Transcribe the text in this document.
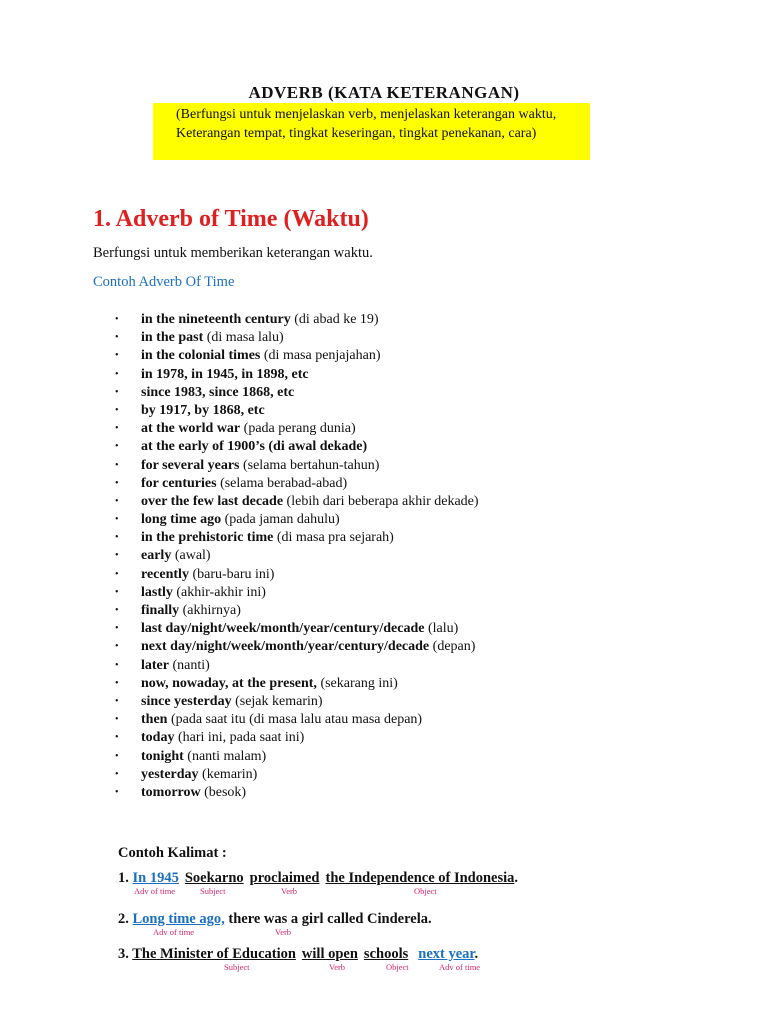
ADVERB (KATA KETERANGAN)
(Berfungsi untuk menjelaskan verb, menjelaskan keterangan waktu,
Keterangan tempat, tingkat keseringan, tingkat penekanan, cara)
1. Adverb of Time (Waktu)
Berfungsi untuk memberikan keterangan waktu.
Contoh Adverb Of Time
• in the nineteenth century (di abad ke 19)
• in the past (di masa lalu)
• in the colonial times (di masa penjajahan)
• in 1978, in 1945, in 1898, etc
• since 1983, since 1868, etc
• by 1917, by 1868, etc
• at the world war (pada perang dunia)
• at the early of 1900’s (di awal dekade)
• for several years (selama bertahun-tahun)
• for centuries (selama berabad-abad)
• over the few last decade (lebih dari beberapa akhir dekade)
• long time ago (pada jaman dahulu)
• in the prehistoric time (di masa pra sejarah)
• early (awal)
• recently (baru-baru ini)
• lastly (akhir-akhir ini)
• finally (akhirnya)
• last day/night/week/month/year/century/decade (lalu)
• next day/night/week/month/year/century/decade (depan)
• later (nanti)
• now, nowaday, at the present, (sekarang ini)
• since yesterday (sejak kemarin)
• then (pada saat itu (di masa lalu atau masa depan)
• today (hari ini, pada saat ini)
• tonight (nanti malam)
• yesterday (kemarin)
• tomorrow (besok)
Contoh Kalimat :
1. In 1945 Soekarno proclaimed the Independence of Indonesia.
Adv of time	Subject	Verb	Object
2. Long time ago, there was a girl called Cinderela.
Adv of time	Verb
3. The Minister of Education will open schools next year.
Subject	Verb	Object	Adv of time
